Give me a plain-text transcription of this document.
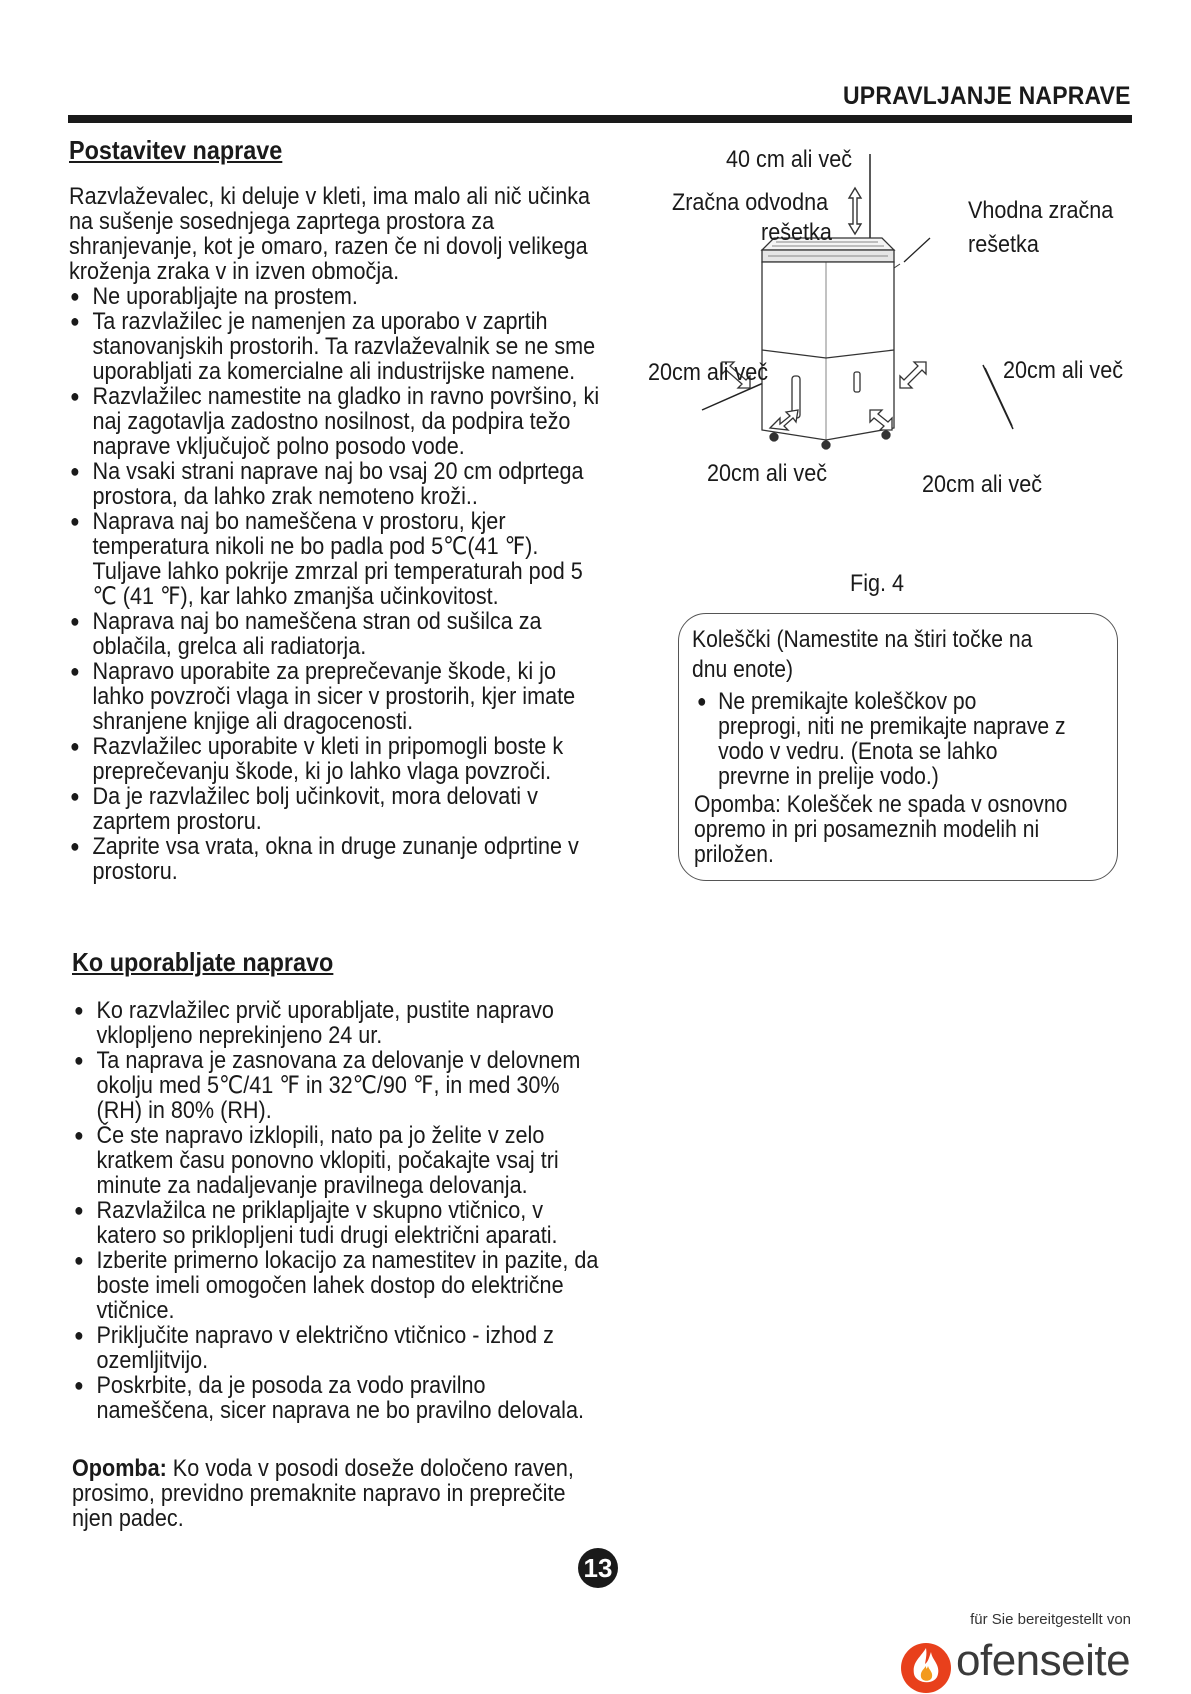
UPRAVLJANJE NAPRAVE
Postavitev naprave
Razvlaževalec, ki deluje v kleti, ima malo ali nič učinka
na sušenje sosednjega zaprtega prostora za
shranjevanje, kot je omaro, razen če ni dovolj velikega
kroženja zraka v in izven območja.
● Ne uporabljajte na prostem.
● Ta razvlažilec je namenjen za uporabo v zaprtih
stanovanjskih prostorih. Ta razvlaževalnik se ne sme
uporabljati za komercialne ali industrijske namene.
● Razvlažilec namestite na gladko in ravno površino, ki
naj zagotavlja zadostno nosilnost, da podpira težo
naprave vključujoč polno posodo vode.
● Na vsaki strani naprave naj bo vsaj 20 cm odprtega
prostora, da lahko zrak nemoteno kroži..
● Naprava naj bo nameščena v prostoru, kjer
temperatura nikoli ne bo padla pod 5℃(41 ℉).
Tuljave lahko pokrije zmrzal pri temperaturah pod 5
℃ (41 ℉), kar lahko zmanjša učinkovitost.
● Naprava naj bo nameščena stran od sušilca za
oblačila, grelca ali radiatorja.
● Napravo uporabite za preprečevanje škode, ki jo
lahko povzroči vlaga in sicer v prostorih, kjer imate
shranjene knjige ali dragocenosti.
● Razvlažilec uporabite v kleti in pripomogli boste k
preprečevanju škode, ki jo lahko vlaga povzroči.
● Da je razvlažilec bolj učinkovit, mora delovati v
zaprtem prostoru.
● Zaprite vsa vrata, okna in druge zunanje odprtine v
prostoru.
Ko uporabljate napravo
● Ko razvlažilec prvič uporabljate, pustite napravo
vklopljeno neprekinjeno 24 ur.
● Ta naprava je zasnovana za delovanje v delovnem
okolju med 5℃/41 ℉ in 32℃/90 ℉, in med 30%
(RH) in 80% (RH).
● Če ste napravo izklopili, nato pa jo želite v zelo
kratkem času ponovno vklopiti, počakajte vsaj tri
minute za nadaljevanje pravilnega delovanja.
● Razvlažilca ne priklapljajte v skupno vtičnico, v
katero so priklopljeni tudi drugi električni aparati.
● Izberite primerno lokacijo za namestitev in pazite, da
boste imeli omogočen lahek dostop do električne
vtičnice.
● Priključite napravo v električno vtičnico - izhod z
ozemljitvijo.
● Poskrbite, da je posoda za vodo pravilno
nameščena, sicer naprava ne bo pravilno delovala.
Opomba: Ko voda v posodi doseže določeno raven,
prosimo, previdno premaknite napravo in preprečite
njen padec.
40 cm ali več
Zračna odvodna
rešetka
Vhodna zračna
rešetka
20cm ali več	20cm ali več
20cm ali več	20cm ali več
Fig. 4
Koleščki (Namestite na štiri točke na
dnu enote)
● Ne premikajte koleščkov po
preprogi, niti ne premikajte naprave z
vodo v vedru. (Enota se lahko
prevrne in prelije vodo.)
Opomba: Kolešček ne spada v osnovno
opremo in pri posameznih modelih ni
priložen.
13
für Sie bereitgestellt von
ofenseite
